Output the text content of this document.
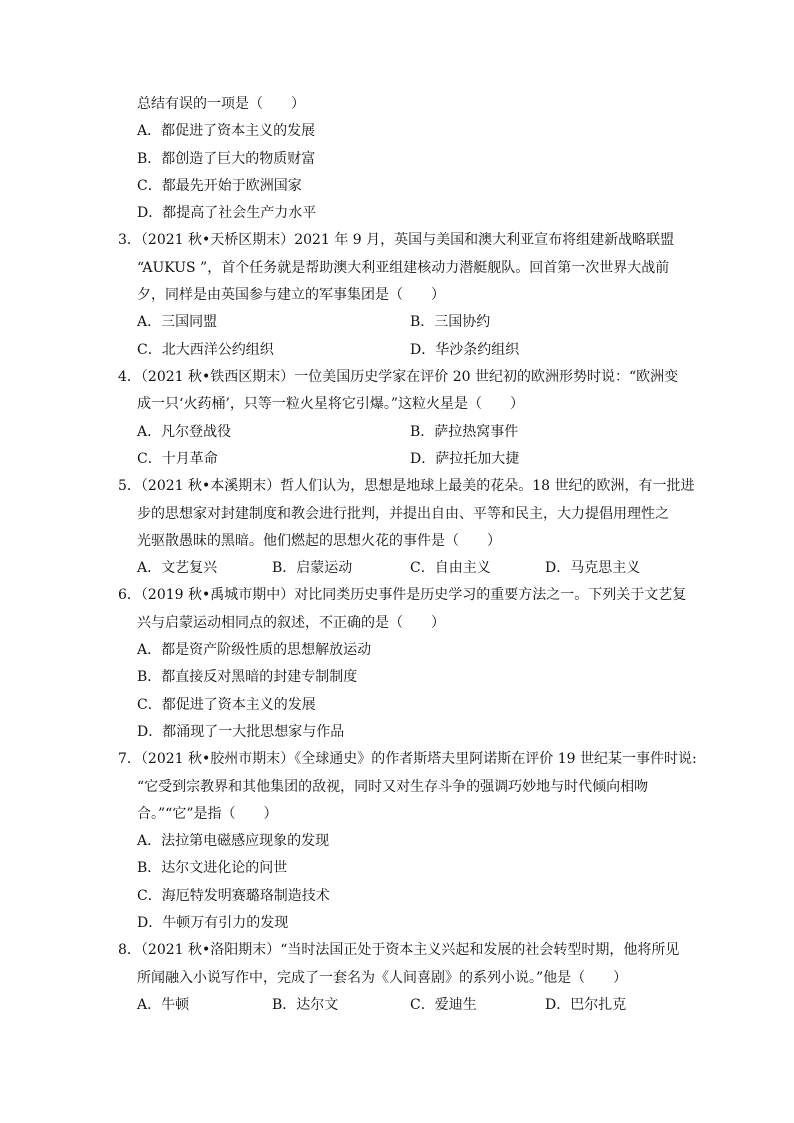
总结有误的一项是（　　）
A．都促进了资本主义的发展
B．都创造了巨大的物质财富
C．都最先开始于欧洲国家
D．都提高了社会生产力水平
3．（2021 秋•天桥区期末）2021 年 9 月，英国与美国和澳大利亚宣布将组建新战略联盟
“AUKUS ”，首个任务就是帮助澳大利亚组建核动力潜艇舰队。回首第一次世界大战前
夕，同样是由英国参与建立的军事集团是（　　）
A．三国同盟	B．三国协约
C．北大西洋公约组织	D．华沙条约组织
4．（2021 秋•铁西区期末）一位美国历史学家在评价 20 世纪初的欧洲形势时说：“欧洲变
成一只‘火药桶’，只等一粒火星将它引爆。”这粒火星是（　　）
A．凡尔登战役	B．萨拉热窝事件
C．十月革命	D．萨拉托加大捷
5．（2021 秋•本溪期末）哲人们认为，思想是地球上最美的花朵。18 世纪的欧洲，有一批进
步的思想家对封建制度和教会进行批判，并提出自由、平等和民主，大力提倡用理性之
光驱散愚昧的黑暗。他们燃起的思想火花的事件是（　　）
A．文艺复兴	B．启蒙运动	C．自由主义	D．马克思主义
6．（2019 秋•禹城市期中）对比同类历史事件是历史学习的重要方法之一。下列关于文艺复
兴与启蒙运动相同点的叙述，不正确的是（　　）
A．都是资产阶级性质的思想解放运动
B．都直接反对黑暗的封建专制制度
C．都促进了资本主义的发展
D．都涌现了一大批思想家与作品
7．（2021 秋•胶州市期末）《全球通史》的作者斯塔夫里阿诺斯在评价 19 世纪某一事件时说:
“它受到宗教界和其他集团的敌视，同时又对生存斗争的强调巧妙地与时代倾向相吻
合。”“它”是指（　　）
A．法拉第电磁感应现象的发现
B．达尔文进化论的问世
C．海厄特发明赛璐珞制造技术
D．牛顿万有引力的发现
8．（2021 秋•洛阳期末）“当时法国正处于资本主义兴起和发展的社会转型时期，他将所见
所闻融入小说写作中，完成了一套名为《人间喜剧》的系列小说。”他是（　　）
A．牛顿	B．达尔文	C．爱迪生	D．巴尔扎克
